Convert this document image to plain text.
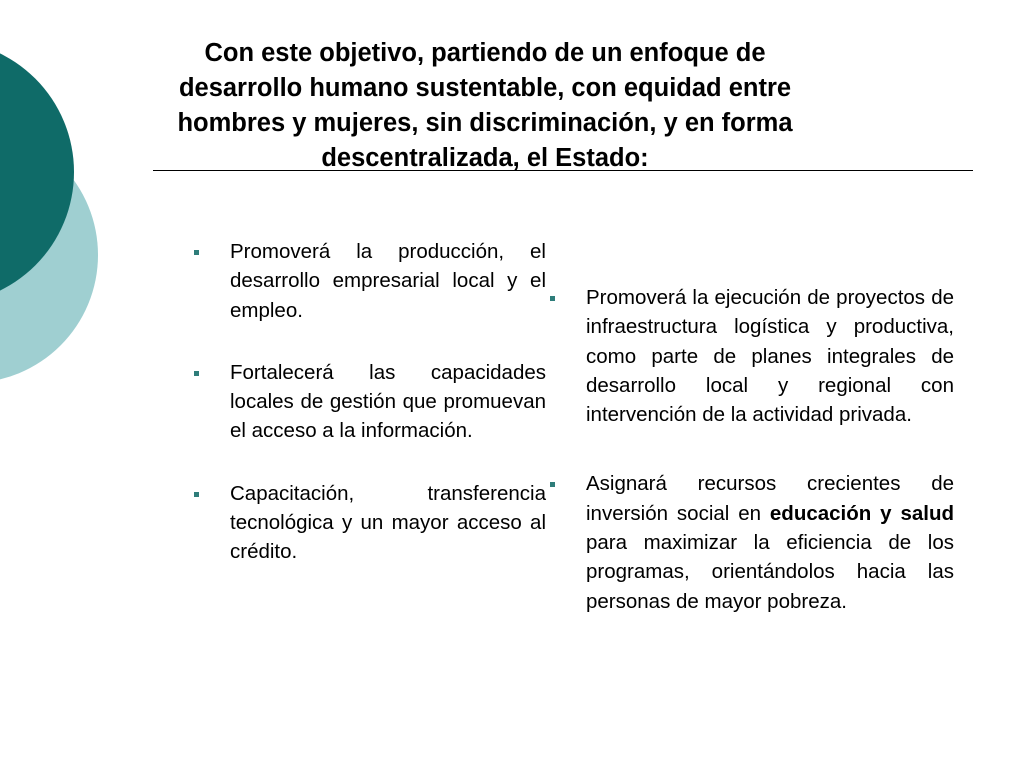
Con este objetivo, partiendo de un enfoque de desarrollo humano sustentable, con equidad entre hombres y mujeres, sin discriminación, y en forma descentralizada, el Estado:
Promoverá la producción, el desarrollo empresarial local y el empleo.
Fortalecerá las capacidades locales de gestión que promuevan el acceso a la información.
Capacitación, transferencia tecnológica y un mayor acceso al crédito.
Promoverá la ejecución de proyectos de infraestructura logística y productiva, como parte de planes integrales de desarrollo local y regional con intervención de la actividad privada.
Asignará recursos crecientes de inversión social en educación y salud para maximizar la eficiencia de los programas, orientándolos hacia las personas de mayor pobreza.
